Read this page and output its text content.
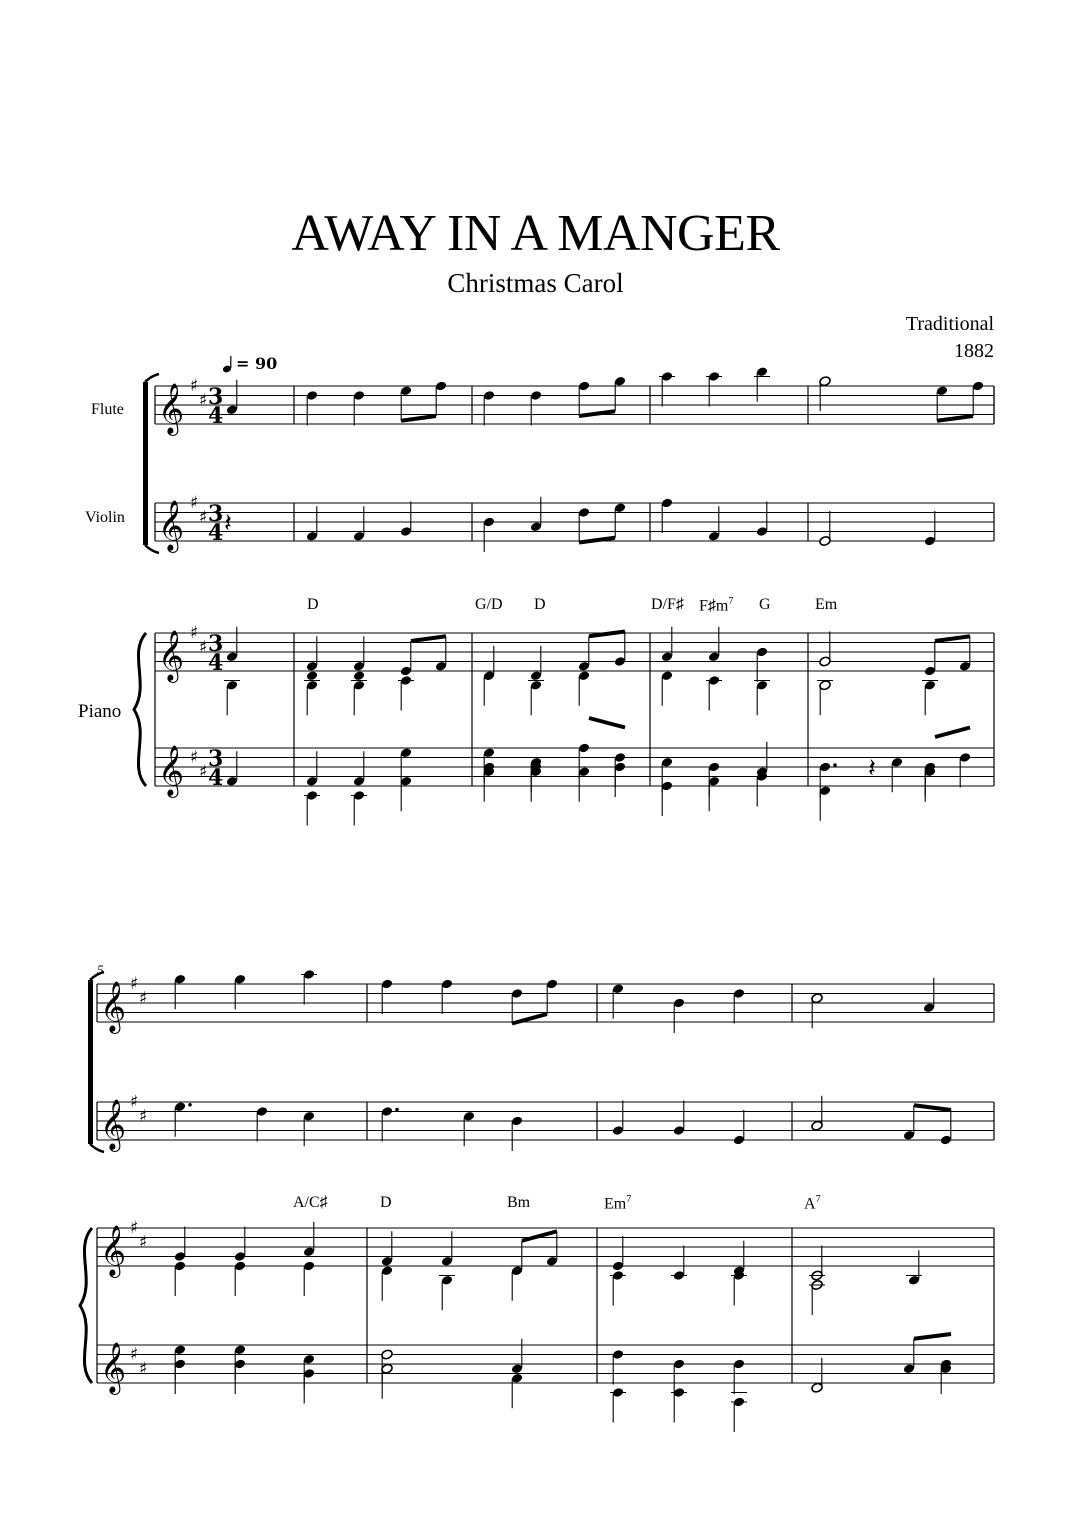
AWAY IN A MANGER
Christmas Carol
Traditional
1882
= 90
Flute
Violin
Piano
D	G/D D	D/F♯ $F♯m^7$ G	Em
5
A/C♯	D	Bm	Em$^7$	$A^7$
𝄞 ♯
♯ 3
4
𝄞 ♯
♯ 3
4
𝄞 ♯
♯ 3
4
𝄞 ♯
♯ 3
4
𝄽
𝄽
𝄞 ♯
♯
𝄞 ♯
♯
𝄞 ♯
♯
𝄞 ♯
♯
